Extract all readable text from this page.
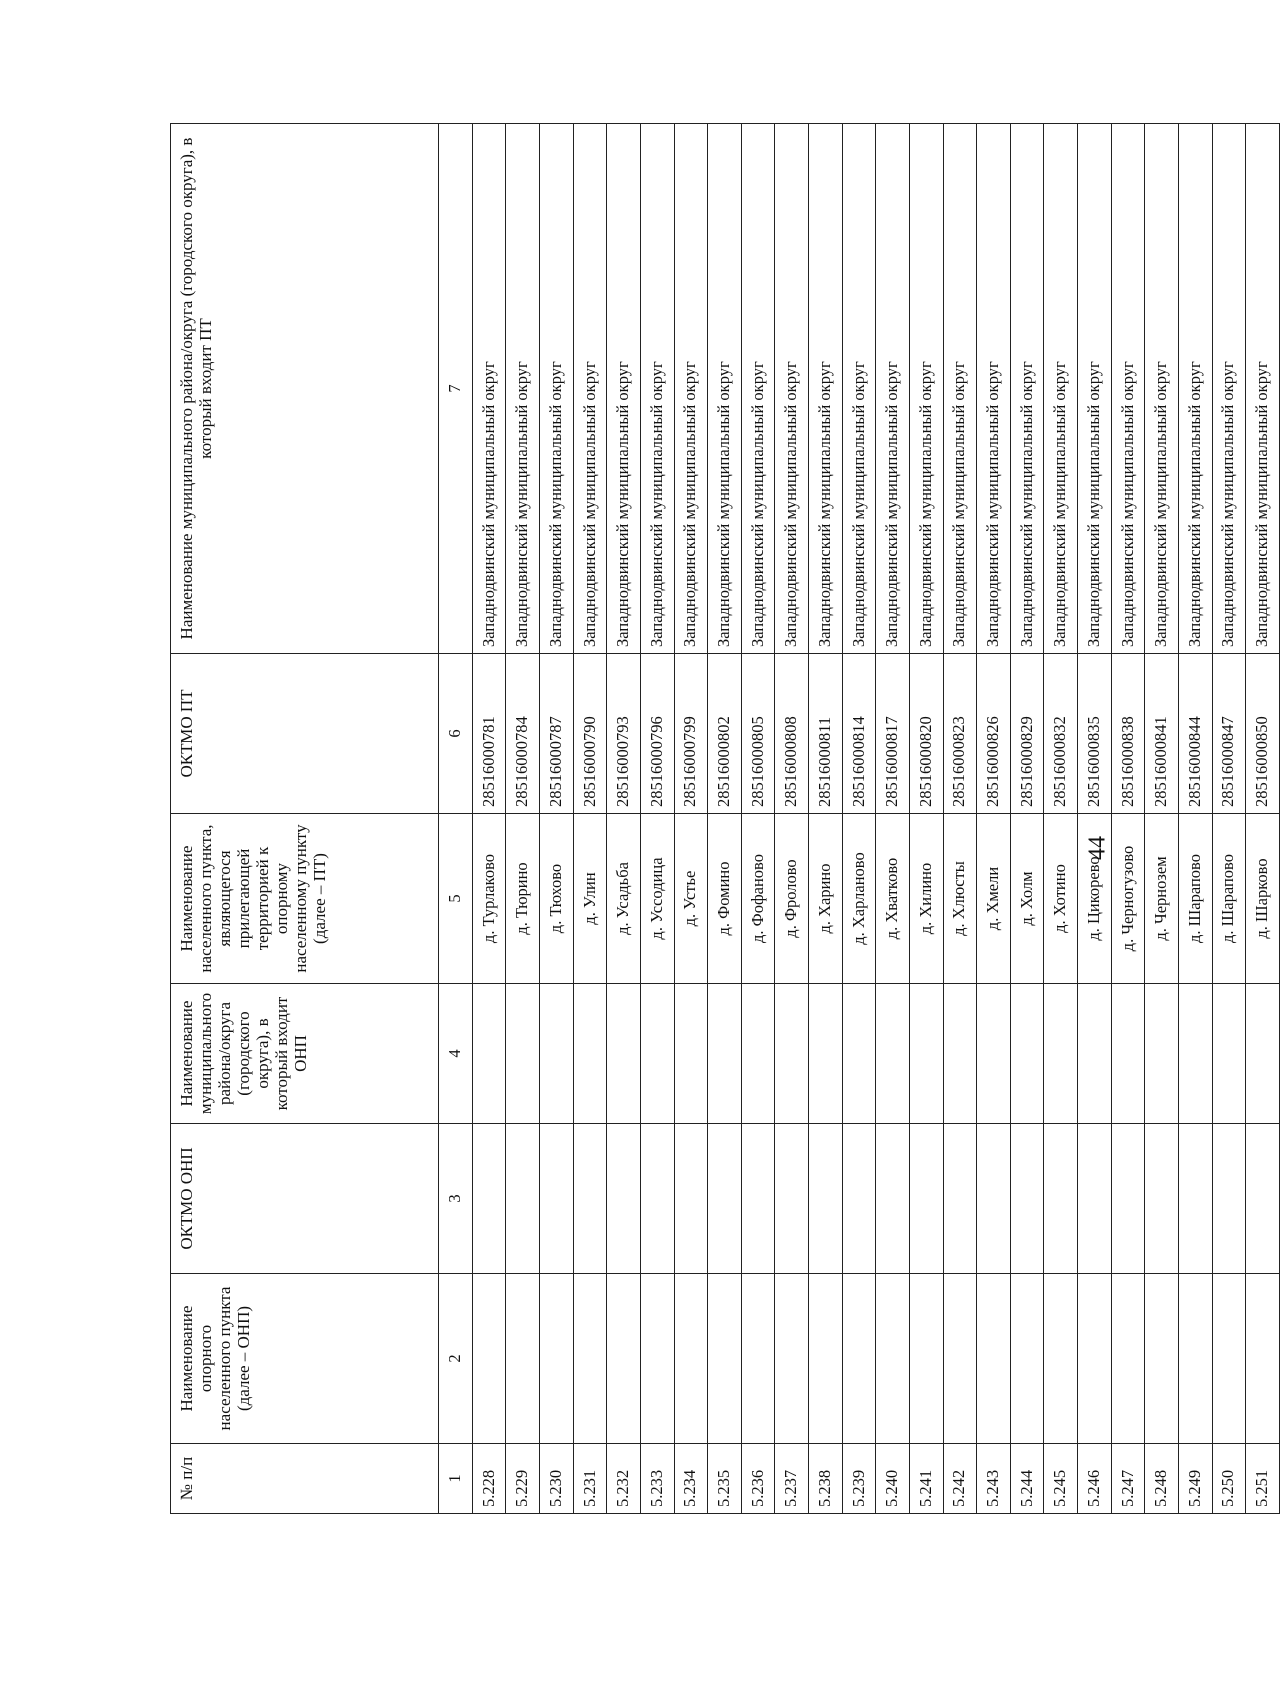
44
№ п/п	Наименование опорного населенного пункта (далее – ОНП)	ОКТМО ОНП	Наименование муниципального района/округа (городского округа), в который входит ОНП	Наименование населенного пункта, являющегося прилегающей территорией к опорному населенному пункту (далее – ПТ)	ОКТМО ПТ	Наименование муниципального района/округа (городского округа), в который входит ПТ
1	2	3	4	5	6	7
5.228				д. Турлаково	28516000781	Западнодвинский муниципальный округ
5.229				д. Тюрино	28516000784	Западнодвинский муниципальный округ
5.230				д. Тюхово	28516000787	Западнодвинский муниципальный округ
5.231				д. Улин	28516000790	Западнодвинский муниципальный округ
5.232				д. Усадьба	28516000793	Западнодвинский муниципальный округ
5.233				д. Уссодица	28516000796	Западнодвинский муниципальный округ
5.234				д. Устье	28516000799	Западнодвинский муниципальный округ
5.235				д. Фомино	28516000802	Западнодвинский муниципальный округ
5.236				д. Фофаново	28516000805	Западнодвинский муниципальный округ
5.237				д. Фролово	28516000808	Западнодвинский муниципальный округ
5.238				д. Харино	28516000811	Западнодвинский муниципальный округ
5.239				д. Харланово	28516000814	Западнодвинский муниципальный округ
5.240				д. Хватково	28516000817	Западнодвинский муниципальный округ
5.241				д. Хилино	28516000820	Западнодвинский муниципальный округ
5.242				д. Хлюсты	28516000823	Западнодвинский муниципальный округ
5.243				д. Хмели	28516000826	Западнодвинский муниципальный округ
5.244				д. Холм	28516000829	Западнодвинский муниципальный округ
5.245				д. Хотино	28516000832	Западнодвинский муниципальный округ
5.246				д. Цикорево	28516000835	Западнодвинский муниципальный округ
5.247				д. Черногузово	28516000838	Западнодвинский муниципальный округ
5.248				д. Чернозем	28516000841	Западнодвинский муниципальный округ
5.249				д. Шарапово	28516000844	Западнодвинский муниципальный округ
5.250				д. Шарапово	28516000847	Западнодвинский муниципальный округ
5.251				д. Шарково	28516000850	Западнодвинский муниципальный округ
